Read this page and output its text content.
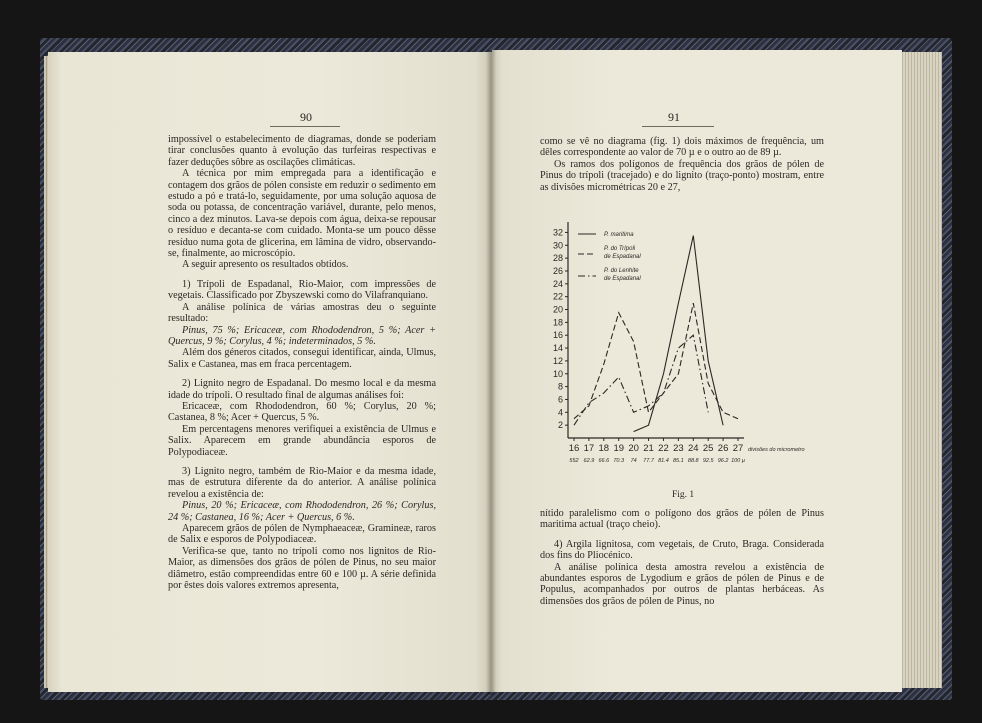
90

impossível o estabelecimento de diagramas, donde se poderiam tirar conclusões quanto à evolução das turfeiras respectivas e fazer deduções sôbre as oscilações climáticas.

A técnica por mim empregada para a identificação e contagem dos grãos de pólen consiste em reduzir o sedimento em estudo a pó e tratá-lo, seguidamente, por uma solução aquosa de soda ou potassa, de concentração variável, durante, pelo menos, cinco a dez minutos. Lava-se depois com água, deixa-se repousar o resíduo e decanta-se com cuidado. Monta-se um pouco dêsse resíduo numa gota de glicerina, em lâmina de vidro, observando-se, finalmente, ao microscópio.

A seguir apresento os resultados obtidos.

1) Trípoli de Espadanal, Rio-Maior, com impressões de vegetais. Classificado por Zbyszewski como do Vilafranquiano.

A análise polínica de várias amostras deu o seguinte resultado:

Pinus, 75 %; Ericaceæ, com Rhododendron, 5 %; Acer + Quercus, 9 %; Corylus, 4 %; indeterminados, 5 %.

Além dos géneros citados, consegui identificar, ainda, Ulmus, Salix e Castanea, mas em fraca percentagem.

2) Lignito negro de Espadanal. Do mesmo local e da mesma idade do trípoli. O resultado final de algumas análises foi:

Ericaceæ, com Rhododendron, 60 %; Corylus, 20 %; Castanea, 8 %; Acer + Quercus, 5 %.

Em percentagens menores verifiquei a existência de Ulmus e Salix. Aparecem em grande abundância esporos de Polypodiaceæ.

3) Lignito negro, também de Rio-Maior e da mesma idade, mas de estrutura diferente da do anterior. A análise polínica revelou a existência de:

Pinus, 20 %; Ericaceæ, com Rhododendron, 26 %; Corylus, 24 %; Castanea, 16 %; Acer + Quercus, 6 %.

Aparecem grãos de pólen de Nymphaeaceæ, Gramineæ, raros de Salix e esporos de Polypodiaceæ.

Verifica-se que, tanto no trípoli como nos lignitos de Rio-Maior, as dimensões dos grãos de pólen de Pinus, no seu maior diâmetro, estão compreendidas entre 60 e 100 µ. A série definida por êstes dois valores extremos apresenta,

91

como se vê no diagrama (fig. 1) dois máximos de frequência, um dêles correspondente ao valor de 70 µ e o outro ao de 89 µ.

Os ramos dos polígonos de frequência dos grãos de pólen de Pinus do trípoli (tracejado) e do lignito (traço-ponto) mostram, entre as divisões micrométricas 20 e 27,

2
4
6
8
10
12
14
16
18
20
22
24
26
28
30
32
16
552
17
62.9
18
66.6
19
70.3
20
74
21
77.7
22
81.4
23
85.1
24
88.8
25
92.5
26
96.2
27
100 µ
divisões do micrometro
P. maritima
P. do Trípoli de Espadanal
P. do Lenhite de Espadanal
Fig. 1

nítido paralelismo com o polígono dos grãos de pólen de Pinus maritima actual (traço cheio).

4) Argila lignitosa, com vegetais, de Cruto, Braga. Considerada dos fins do Pliocénico.

A análise polínica desta amostra revelou a existência de abundantes esporos de Lygodium e grãos de pólen de Pinus e de Populus, acompanhados por outros de plantas herbáceas. As dimensões dos grãos de pólen de Pinus, no
